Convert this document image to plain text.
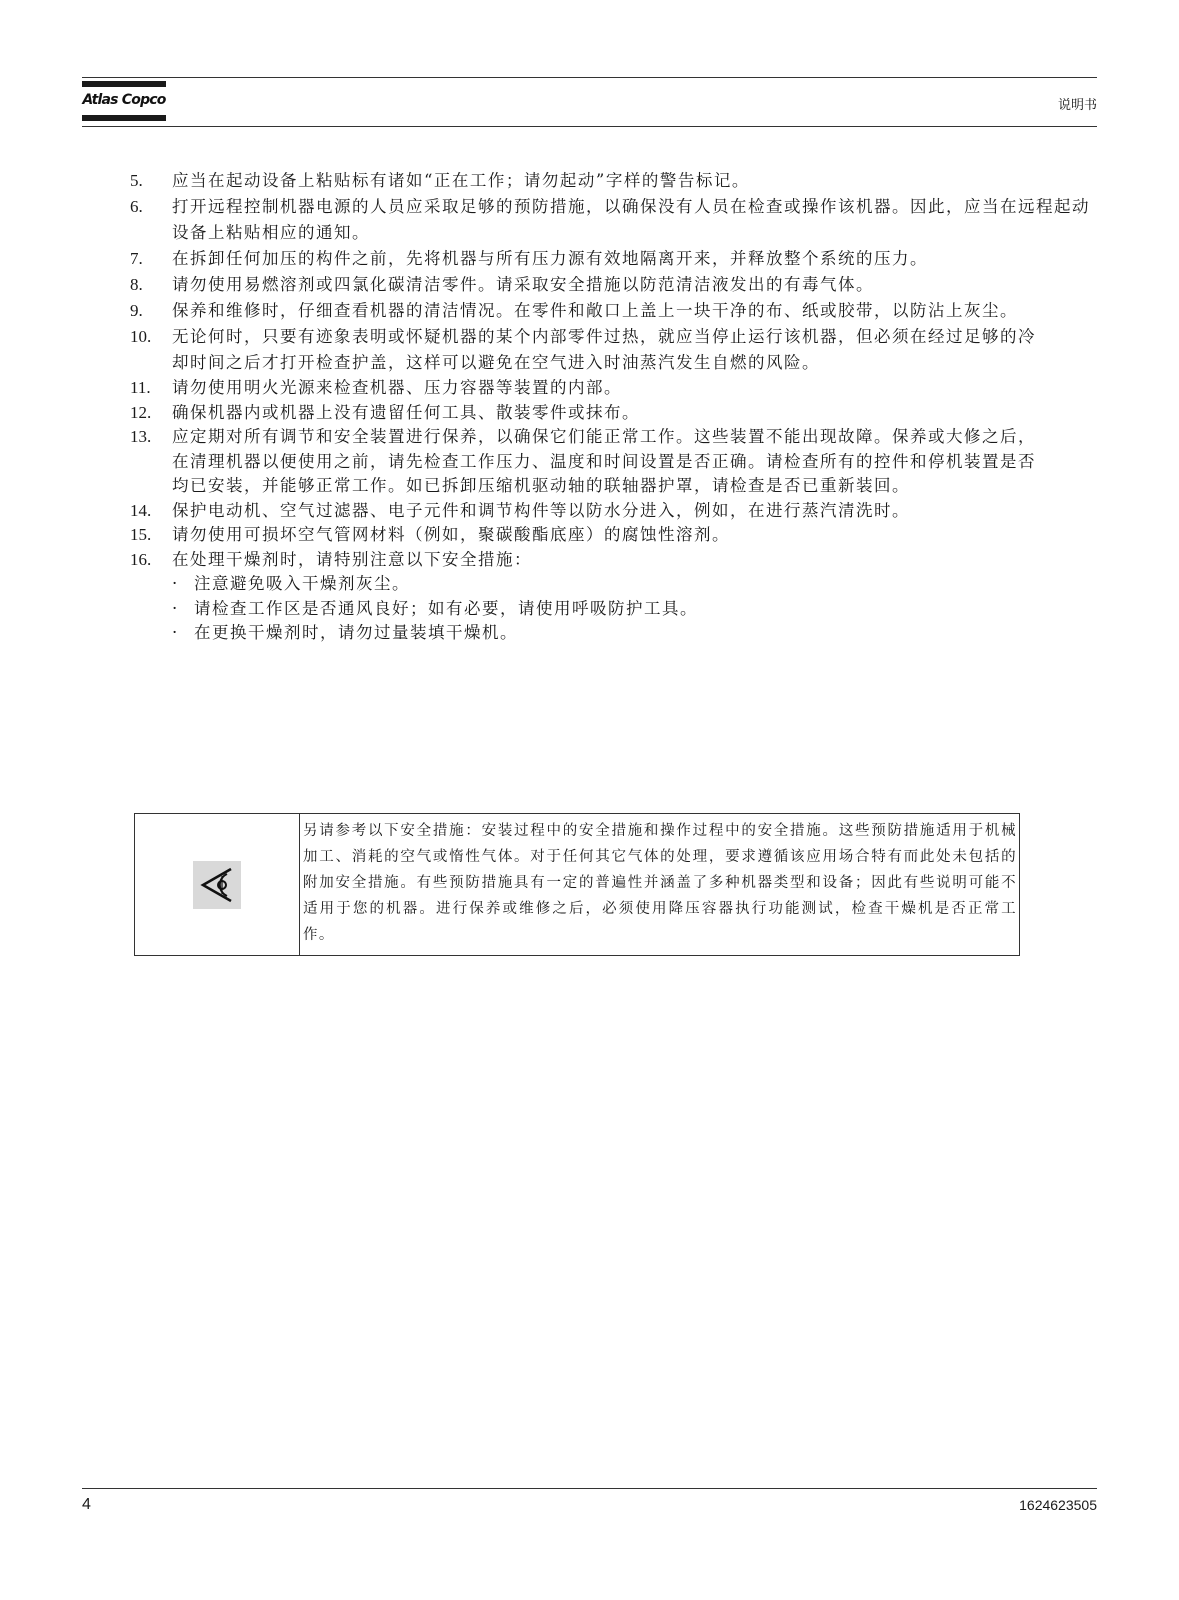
Atlas Copco	说明书
5. 应当在起动设备上粘贴标有诸如“正在工作；请勿起动”字样的警告标记。
6. 打开远程控制机器电源的人员应采取足够的预防措施，以确保没有人员在检查或操作该机器。因此，应当在远程起动设备上粘贴相应的通知。
7. 在拆卸任何加压的构件之前，先将机器与所有压力源有效地隔离开来，并释放整个系统的压力。
8. 请勿使用易燃溶剂或四氯化碳清洁零件。请采取安全措施以防范清洁液发出的有毒气体。
9. 保养和维修时，仔细查看机器的清洁情况。在零件和敞口上盖上一块干净的布、纸或胶带，以防沾上灰尘。
10. 无论何时，只要有迹象表明或怀疑机器的某个内部零件过热，就应当停止运行该机器，但必须在经过足够的冷却时间之后才打开检查护盖，这样可以避免在空气进入时油蒸汽发生自燃的风险。
11. 请勿使用明火光源来检查机器、压力容器等装置的内部。
12. 确保机器内或机器上没有遗留任何工具、散装零件或抹布。
13. 应定期对所有调节和安全装置进行保养，以确保它们能正常工作。这些装置不能出现故障。保养或大修之后，在清理机器以便使用之前，请先检查工作压力、温度和时间设置是否正确。请检查所有的控件和停机装置是否均已安装，并能够正常工作。如已拆卸压缩机驱动轴的联轴器护罩，请检查是否已重新装回。
14. 保护电动机、空气过滤器、电子元件和调节构件等以防水分进入，例如，在进行蒸汽清洗时。
15. 请勿使用可损坏空气管网材料（例如，聚碳酸酯底座）的腐蚀性溶剂。
16. 在处理干燥剂时，请特别注意以下安全措施：
· 注意避免吸入干燥剂灰尘。
· 请检查工作区是否通风良好；如有必要，请使用呼吸防护工具。
· 在更换干燥剂时，请勿过量装填干燥机。
另请参考以下安全措施：安装过程中的安全措施和操作过程中的安全措施。这些预防措施适用于机械加工、消耗的空气或惰性气体。对于任何其它气体的处理，要求遵循该应用场合特有而此处未包括的附加安全措施。有些预防措施具有一定的普遍性并涵盖了多种机器类型和设备；因此有些说明可能不适用于您的机器。进行保养或维修之后，必须使用降压容器执行功能测试，检查干燥机是否正常工作。
4	1624623505
